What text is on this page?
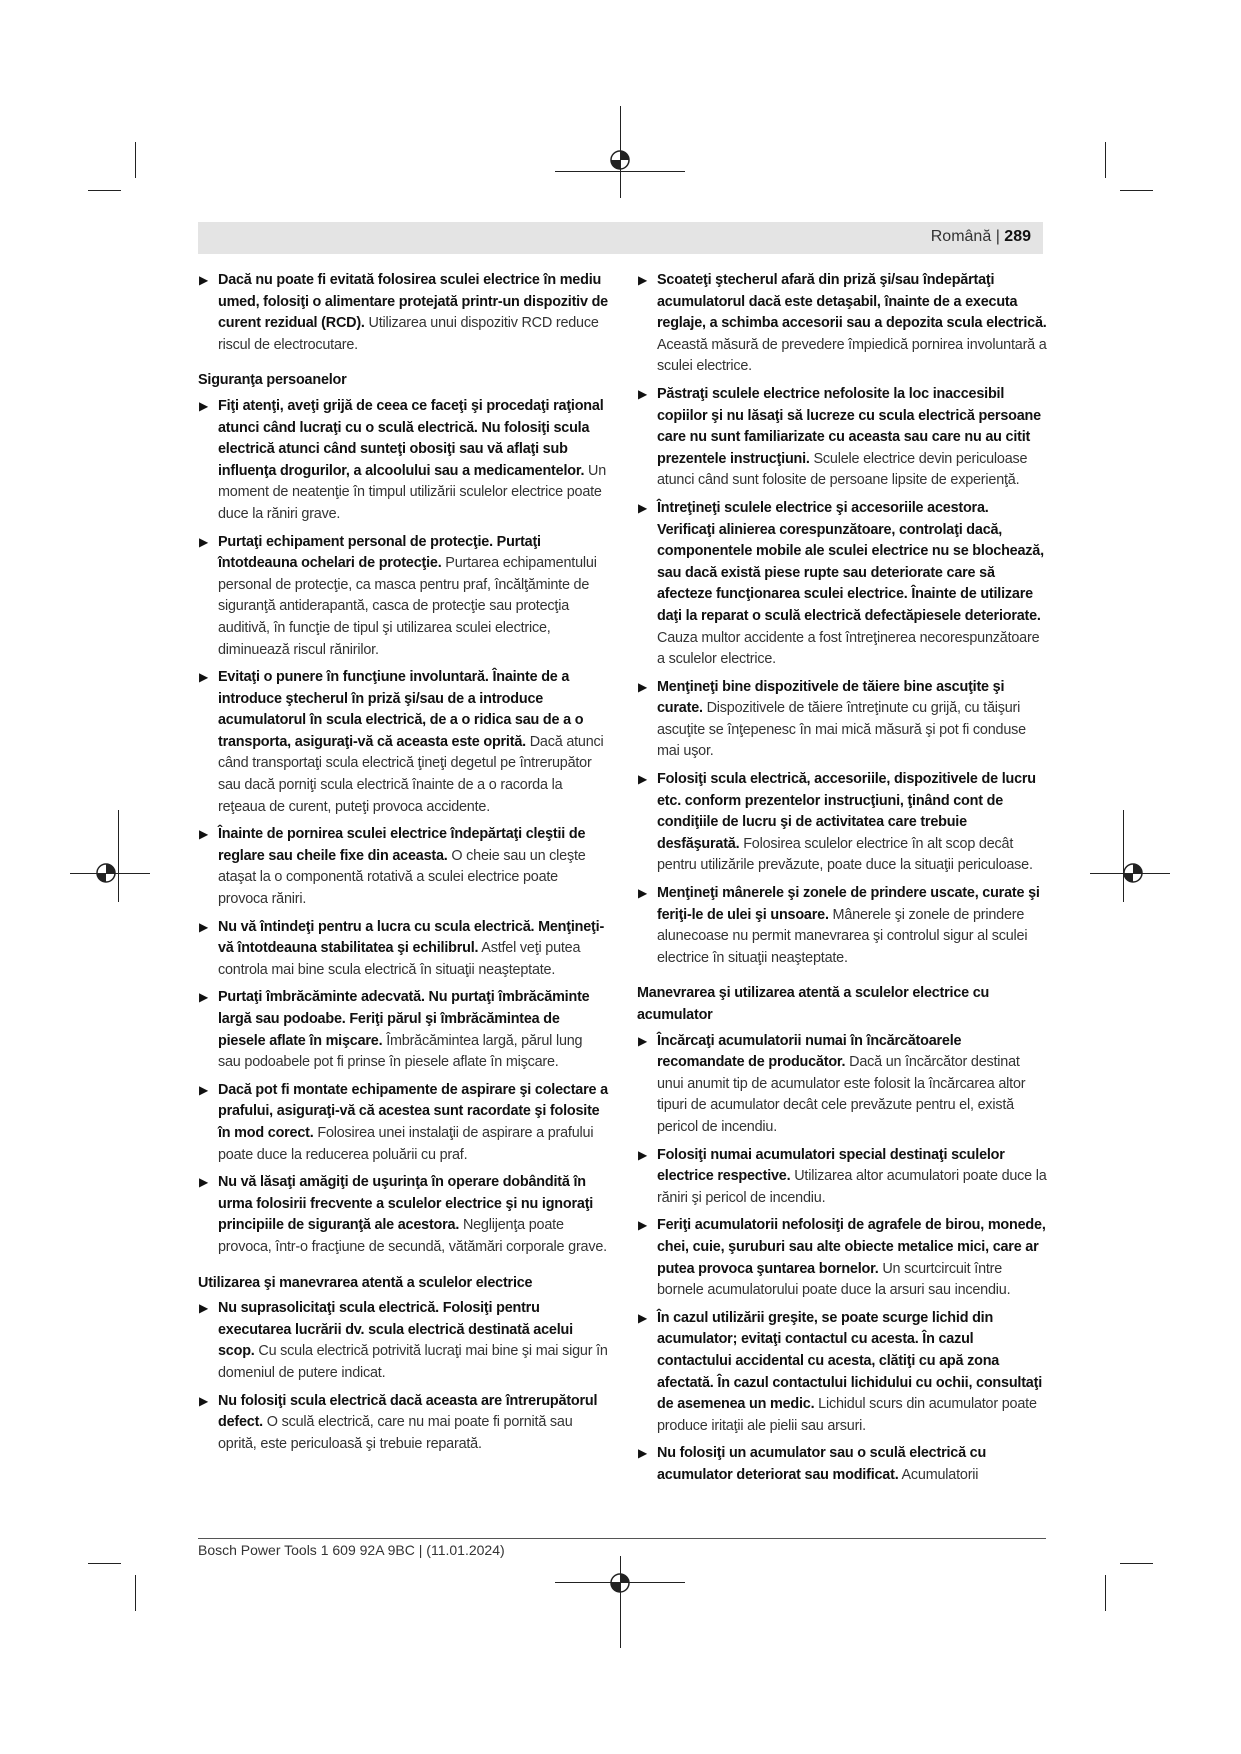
Română | 289
▶ Dacă nu poate fi evitată folosirea sculei electrice în mediu umed, folosiţi o alimentare protejată printr-un dispozitiv de curent rezidual (RCD). Utilizarea unui dispozitiv RCD reduce riscul de electrocutare.
Siguranţa persoanelor
▶ Fiţi atenţi, aveţi grijă de ceea ce faceţi şi procedaţi raţional atunci când lucraţi cu o sculă electrică. Nu folosiţi scula electrică atunci când sunteţi obosiţi sau vă aflaţi sub influenţa drogurilor, a alcoolului sau a medicamentelor. Un moment de neatenţie în timpul utilizării sculelor electrice poate duce la răniri grave.
▶ Purtaţi echipament personal de protecţie. Purtaţi întotdeauna ochelari de protecţie. Purtarea echipamentului personal de protecţie, ca masca pentru praf, încălţăminte de siguranţă antiderapantă, casca de protecţie sau protecţia auditivă, în funcţie de tipul şi utilizarea sculei electrice, diminuează riscul rănirilor.
▶ Evitaţi o punere în funcţiune involuntară. Înainte de a introduce ştecherul în priză şi/sau de a introduce acumulatorul în scula electrică, de a o ridica sau de a o transporta, asiguraţi-vă că aceasta este oprită. Dacă atunci când transportaţi scula electrică ţineţi degetul pe întrerupător sau dacă porniţi scula electrică înainte de a o racorda la reţeaua de curent, puteţi provoca accidente.
▶ Înainte de pornirea sculei electrice îndepărtaţi cleştii de reglare sau cheile fixe din aceasta. O cheie sau un cleşte ataşat la o componentă rotativă a sculei electrice poate provoca răniri.
▶ Nu vă întindeţi pentru a lucra cu scula electrică. Menţineţi-vă întotdeauna stabilitatea şi echilibrul. Astfel veţi putea controla mai bine scula electrică în situaţii neaşteptate.
▶ Purtaţi îmbrăcăminte adecvată. Nu purtaţi îmbrăcăminte largă sau podoabe. Feriţi părul şi îmbrăcămintea de piesele aflate în mişcare. Îmbrăcămintea largă, părul lung sau podoabele pot fi prinse în piesele aflate în mişcare.
▶ Dacă pot fi montate echipamente de aspirare şi colectare a prafului, asiguraţi-vă că acestea sunt racordate şi folosite în mod corect. Folosirea unei instalaţii de aspirare a prafului poate duce la reducerea poluării cu praf.
▶ Nu vă lăsaţi amăgiţi de uşurinţa în operare dobândită în urma folosirii frecvente a sculelor electrice şi nu ignoraţi principiile de siguranţă ale acestora. Neglijenţa poate provoca, într-o fracţiune de secundă, vătămări corporale grave.
Utilizarea şi manevrarea atentă a sculelor electrice
▶ Nu suprasolicitaţi scula electrică. Folosiţi pentru executarea lucrării dv. scula electrică destinată acelui scop. Cu scula electrică potrivită lucraţi mai bine şi mai sigur în domeniul de putere indicat.
▶ Nu folosiţi scula electrică dacă aceasta are întrerupătorul defect. O sculă electrică, care nu mai poate fi pornită sau oprită, este periculoasă şi trebuie reparată.
▶ Scoateţi ştecherul afară din priză şi/sau îndepărtaţi acumulatorul dacă este detaşabil, înainte de a executa reglaje, a schimba accesorii sau a depozita scula electrică. Această măsură de prevedere împiedică pornirea involuntară a sculei electrice.
▶ Păstraţi sculele electrice nefolosite la loc inaccesibil copiilor şi nu lăsaţi să lucreze cu scula electrică persoane care nu sunt familiarizate cu aceasta sau care nu au citit prezentele instrucţiuni. Sculele electrice devin periculoase atunci când sunt folosite de persoane lipsite de experienţă.
▶ Întreţineţi sculele electrice şi accesoriile acestora. Verificaţi alinierea corespunzătoare, controlaţi dacă, componentele mobile ale sculei electrice nu se blochează, sau dacă există piese rupte sau deteriorate care să afecteze funcţionarea sculei electrice. Înainte de utilizare daţi la reparat o sculă electrică defectăpiesele deteriorate. Cauza multor accidente a fost întreţinerea necorespunzătoare a sculelor electrice.
▶ Menţineţi bine dispozitivele de tăiere bine ascuţite şi curate. Dispozitivele de tăiere întreţinute cu grijă, cu tăişuri ascuţite se înţepenesc în mai mică măsură şi pot fi conduse mai uşor.
▶ Folosiţi scula electrică, accesoriile, dispozitivele de lucru etc. conform prezentelor instrucţiuni, ţinând cont de condiţiile de lucru şi de activitatea care trebuie desfăşurată. Folosirea sculelor electrice în alt scop decât pentru utilizările prevăzute, poate duce la situaţii periculoase.
▶ Menţineţi mânerele şi zonele de prindere uscate, curate şi feriţi-le de ulei şi unsoare. Mânerele şi zonele de prindere alunecoase nu permit manevrarea şi controlul sigur al sculei electrice în situaţii neaşteptate.
Manevrarea şi utilizarea atentă a sculelor electrice cu acumulator
▶ Încărcaţi acumulatorii numai în încărcătoarele recomandate de producător. Dacă un încărcător destinat unui anumit tip de acumulator este folosit la încărcarea altor tipuri de acumulator decât cele prevăzute pentru el, există pericol de incendiu.
▶ Folosiţi numai acumulatori special destinaţi sculelor electrice respective. Utilizarea altor acumulatori poate duce la răniri şi pericol de incendiu.
▶ Feriţi acumulatorii nefolosiţi de agrafele de birou, monede, chei, cuie, şuruburi sau alte obiecte metalice mici, care ar putea provoca şuntarea bornelor. Un scurtcircuit între bornele acumulatorului poate duce la arsuri sau incendiu.
▶ În cazul utilizării greşite, se poate scurge lichid din acumulator; evitaţi contactul cu acesta. În cazul contactului accidental cu acesta, clătiţi cu apă zona afectată. În cazul contactului lichidului cu ochii, consultaţi de asemenea un medic. Lichidul scurs din acumulator poate produce iritaţii ale pielii sau arsuri.
▶ Nu folosiţi un acumulator sau o sculă electrică cu acumulator deteriorat sau modificat. Acumulatorii
Bosch Power Tools 1 609 92A 9BC | (11.01.2024)
